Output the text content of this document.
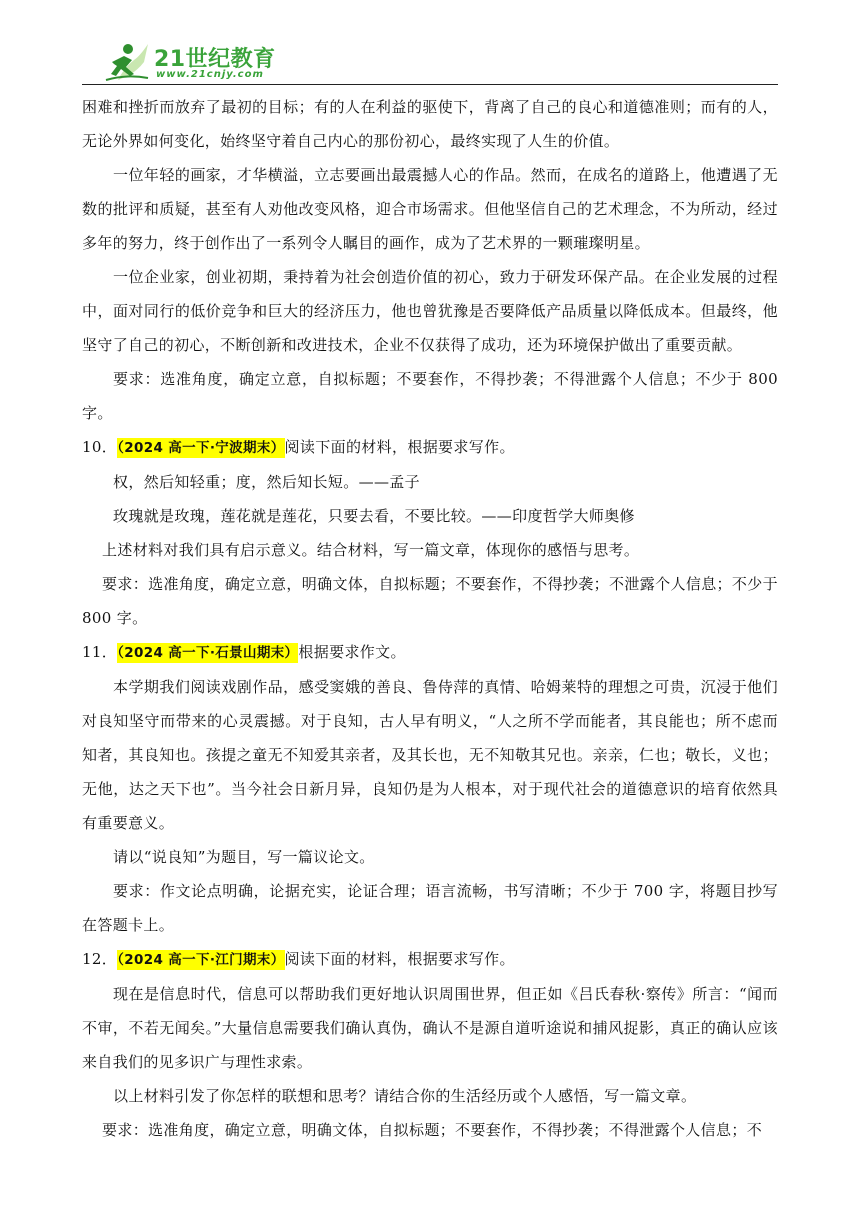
21世纪教育
www.21cnjy.com

困难和挫折而放弃了最初的目标；有的人在利益的驱使下，背离了自己的良心和道德准则；而有的人，无论外界如何变化，始终坚守着自己内心的那份初心，最终实现了人生的价值。

一位年轻的画家，才华横溢，立志要画出最震撼人心的作品。然而，在成名的道路上，他遭遇了无数的批评和质疑，甚至有人劝他改变风格，迎合市场需求。但他坚信自己的艺术理念，不为所动，经过多年的努力，终于创作出了一系列令人瞩目的画作，成为了艺术界的一颗璀璨明星。

一位企业家，创业初期，秉持着为社会创造价值的初心，致力于研发环保产品。在企业发展的过程中，面对同行的低价竞争和巨大的经济压力，他也曾犹豫是否要降低产品质量以降低成本。但最终，他坚守了自己的初心，不断创新和改进技术，企业不仅获得了成功，还为环境保护做出了重要贡献。

要求：选准角度，确定立意，自拟标题；不要套作，不得抄袭；不得泄露个人信息；不少于 800 字。

10．（2024 高一下·宁波期末）阅读下面的材料，根据要求写作。

权，然后知轻重；度，然后知长短。——孟子

玫瑰就是玫瑰，莲花就是莲花，只要去看，不要比较。——印度哲学大师奥修

上述材料对我们具有启示意义。结合材料，写一篇文章，体现你的感悟与思考。

要求：选准角度，确定立意，明确文体，自拟标题；不要套作，不得抄袭；不泄露个人信息；不少于 800 字。

11．（2024 高一下·石景山期末）根据要求作文。

本学期我们阅读戏剧作品，感受窦娥的善良、鲁侍萍的真情、哈姆莱特的理想之可贵，沉浸于他们对良知坚守而带来的心灵震撼。对于良知，古人早有明义，“人之所不学而能者，其良能也；所不虑而知者，其良知也。孩提之童无不知爱其亲者，及其长也，无不知敬其兄也。亲亲，仁也；敬长，义也；无他，达之天下也”。当今社会日新月异，良知仍是为人根本，对于现代社会的道德意识的培育依然具有重要意义。

请以“说良知”为题目，写一篇议论文。

要求：作文论点明确，论据充实，论证合理；语言流畅，书写清晰；不少于 700 字，将题目抄写在答题卡上。

12．（2024 高一下·江门期末）阅读下面的材料，根据要求写作。

现在是信息时代，信息可以帮助我们更好地认识周围世界，但正如《吕氏春秋·察传》所言：“闻而不审，不若无闻矣。”大量信息需要我们确认真伪，确认不是源自道听途说和捕风捉影，真正的确认应该来自我们的见多识广与理性求索。

以上材料引发了你怎样的联想和思考？请结合你的生活经历或个人感悟，写一篇文章。

要求：选准角度，确定立意，明确文体，自拟标题；不要套作，不得抄袭；不得泄露个人信息；不
